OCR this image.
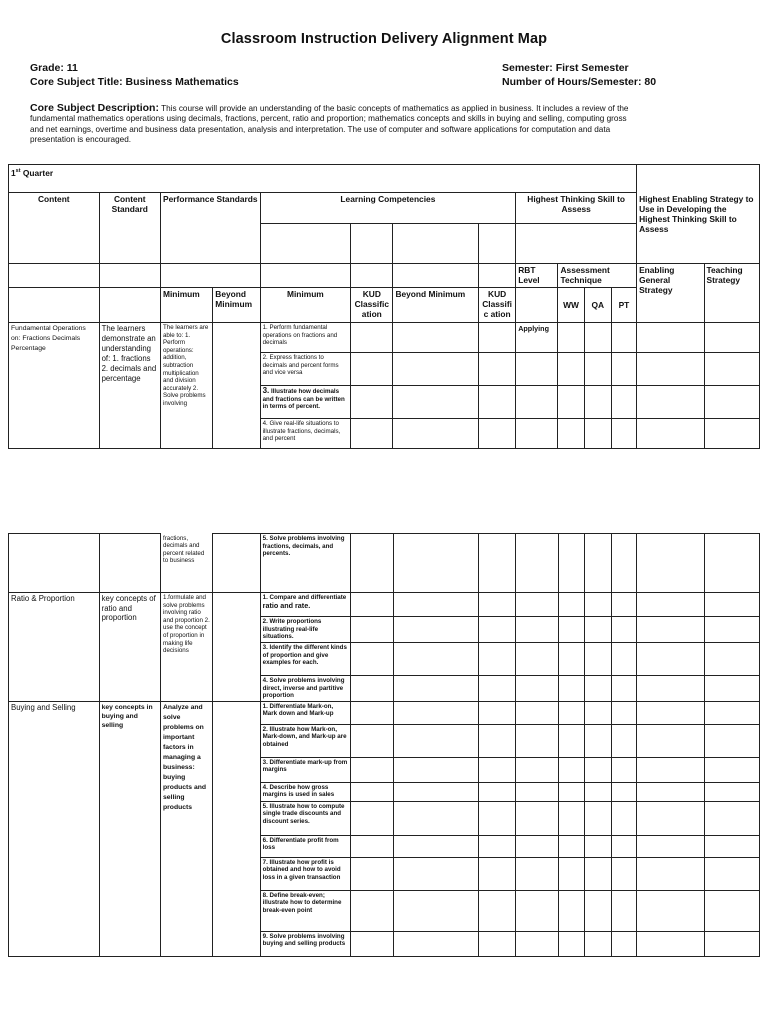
Classroom Instruction Delivery Alignment Map
Grade: 11
Core Subject Title: Business Mathematics
Semester: First Semester
Number of Hours/Semester: 80
Core Subject Description: This course will provide an understanding of the basic concepts of mathematics as applied in business. It includes a review of the fundamental mathematics operations using decimals, fractions, percent, ratio and proportion; mathematics concepts and skills in buying and selling, computing gross and net earnings, overtime and business data presentation, analysis and interpretation. The use of computer and software applications for computation and data presentation is encouraged.
1st Quarter													
Content	Content Standard	Performance Standards		Learning Competencies				Highest Thinking Skill to Assess				Highest Enabling Strategy to Use in Developing the Highest Thinking Skill to Assess	

								RBT Level	Assessment Technique			Enabling General Strategy	Teaching Strategy

		Minimum	Beyond Minimum	Minimum	KUD Classific ation	Beyond Minimum	KUD Classific ation		WW	QA	PT		
Fundamental Operations on: Fractions Decimals Percentage	The learners demonstrate an understanding of: 1. fractions 2. decimals and percentage	The learners are able to: 1. Perform operations: addition, subtraction multiplication and division accurately 2. Solve problems involving		1. Perform fundamental operations on fractions and decimals				Applying					
				2. Express fractions to decimals and percent forms and vice versa									
				3. Illustrate how decimals and fractions can be written in terms of percent.									
				4. Give real-life situations to illustrate fractions, decimals, and percent									
		fractions, decimals and percent related to business		5. Solve problems involving fractions, decimals, and percents.									
Ratio & Proportion	key concepts of ratio and proportion	1.formulate and solve problems involving ratio and proportion 2. use the concept of proportion in making life decisions		1. Compare and differentiate
ratio and rate.									
				2. Write proportions illustrating real-life situations.									
				3. Identify the different kinds of proportion and give examples for each.									
				4. Solve problems involving direct, inverse and partitive proportion									
Buying and Selling	key concepts in buying and selling	Analyze and solve problems on important factors in managing a business: buying products and selling products		1. Differentiate Mark-on, Mark down and Mark-up									
				2. Illustrate how Mark-on, Mark-down, and Mark-up are obtained									
				3. Differentiate mark-up from margins									
				4. Describe how gross margins is used in sales									
				5. Illustrate how to compute single trade discounts and discount series.									
				6. Differentiate profit from loss									
				7. Illustrate how profit is obtained and how to avoid loss in a given transaction									
				8. Define break-even; illustrate how to determine break-even point									
				9. Solve problems involving buying and selling products									
